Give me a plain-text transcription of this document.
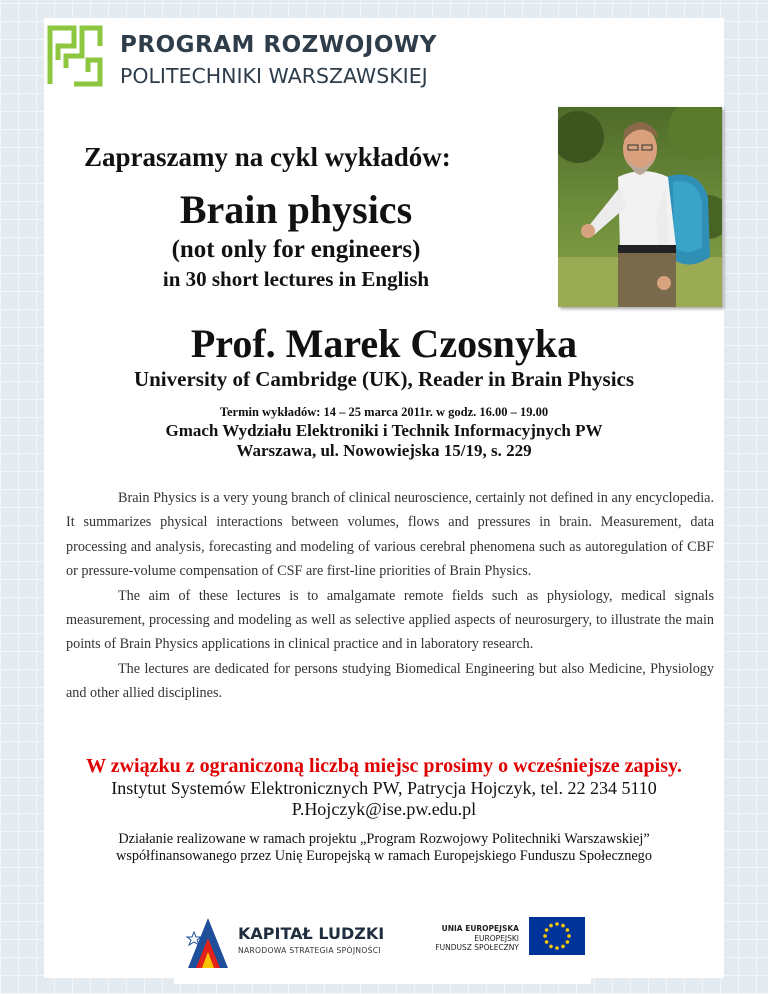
PROGRAM ROZWOJOWY
POLITECHNIKI WARSZAWSKIEJ
Zapraszamy na cykl wykładów:
Brain physics
(not only for engineers)
in 30 short lectures in English
Prof. Marek Czosnyka
University of Cambridge (UK), Reader in Brain Physics
Termin wykładów: 14 – 25 marca 2011r. w godz. 16.00 – 19.00
Gmach Wydziału Elektroniki i Technik Informacyjnych PW
Warszawa, ul. Nowowiejska 15/19, s. 229

Brain Physics is a very young branch of clinical neuroscience, certainly not defined in any encyclopedia. It summarizes physical interactions between volumes, flows and pressures in brain. Measurement, data processing and analysis, forecasting and modeling of various cerebral phenomena such as autoregulation of CBF or pressure-volume compensation of CSF are first-line priorities of Brain Physics.

The aim of these lectures is to amalgamate remote fields such as physiology, medical signals measurement, processing and modeling as well as selective applied aspects of neurosurgery, to illustrate the main points of Brain Physics applications in clinical practice and in laboratory research.

The lectures are dedicated for persons studying Biomedical Engineering but also Medicine, Physiology and other allied disciplines.

W związku z ograniczoną liczbą miejsc prosimy o wcześniejsze zapisy.
Instytut Systemów Elektronicznych PW, Patrycja Hojczyk, tel. 22 234 5110
P.Hojczyk@ise.pw.edu.pl
Działanie realizowane w ramach projektu „Program Rozwojowy Politechniki Warszawskiej”
współfinansowanego przez Unię Europejską w ramach Europejskiego Funduszu Społecznego
KAPITAŁ LUDZKI
NARODOWA STRATEGIA SPÓJNOŚCI
UNIA EUROPEJSKA
EUROPEJSKI
FUNDUSZ SPOŁECZNY
